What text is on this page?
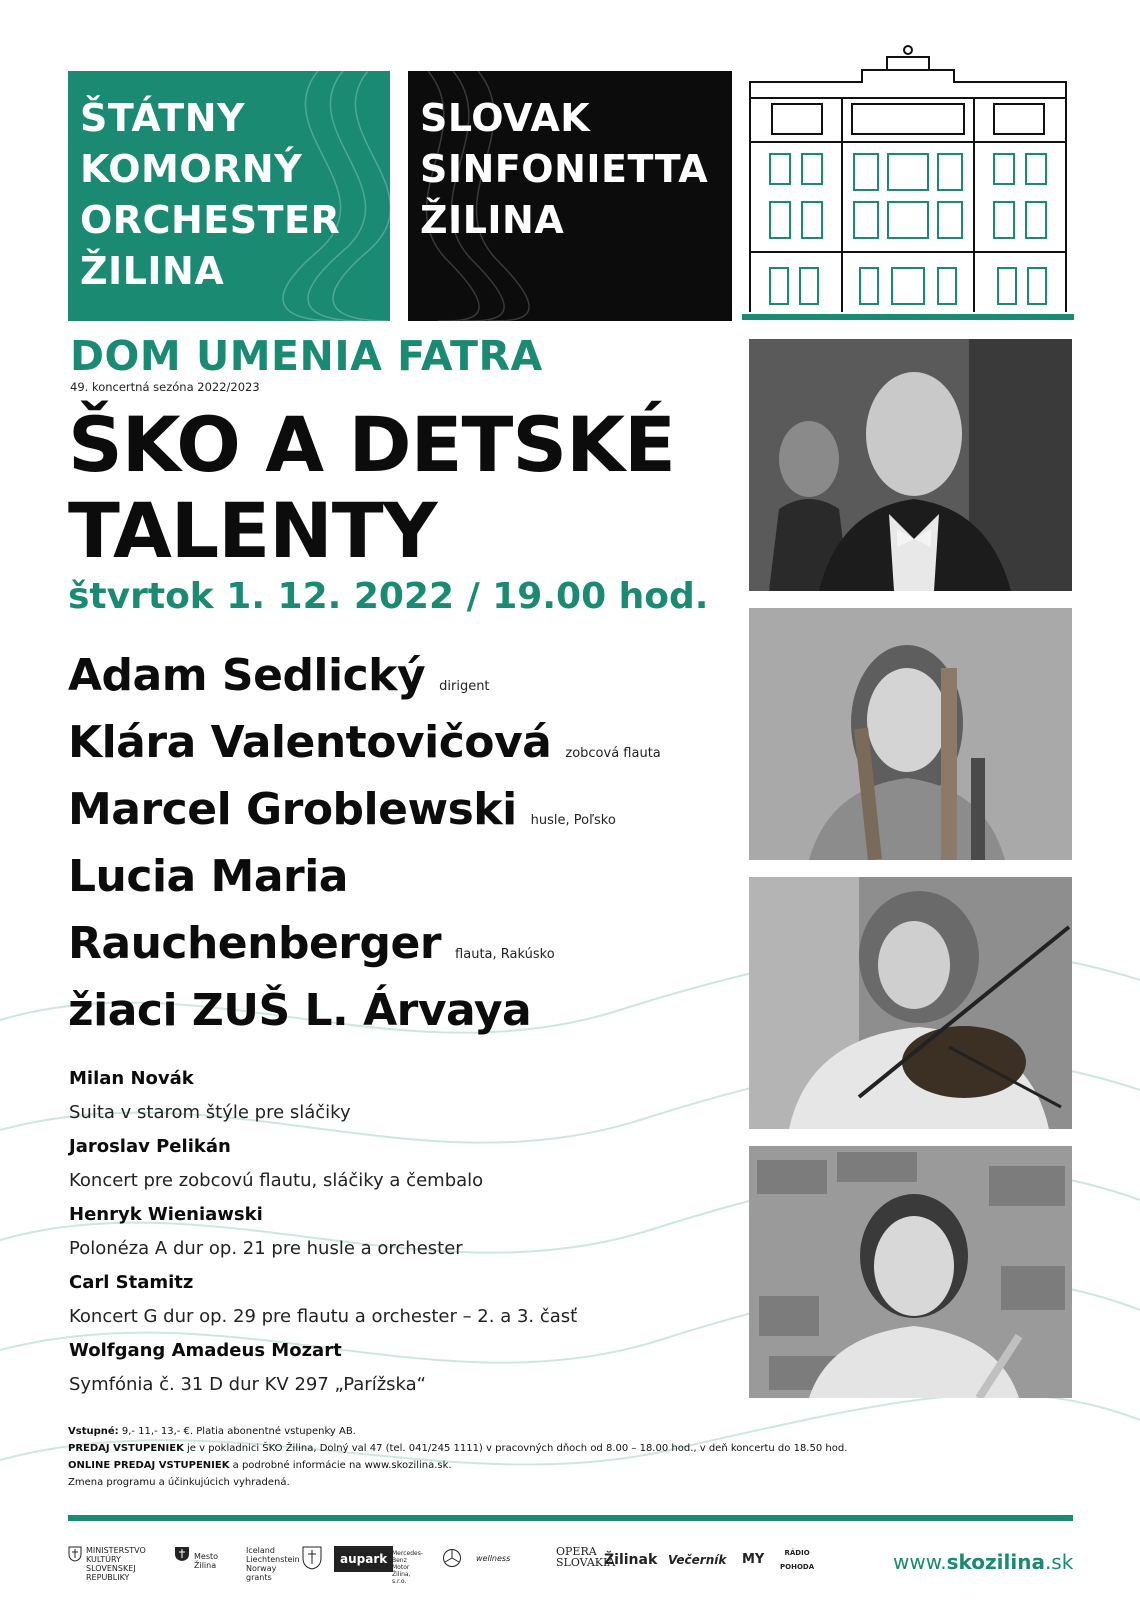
ŠTÁTNY
KOMORNÝ
ORCHESTER
ŽILINA
SLOVAK
SINFONIETTA
ŽILINA
DOM UMENIA FATRA
49. koncertná sezóna 2022/2023
ŠKO A DETSKÉ TALENTY
štvrtok 1. 12. 2022 / 19.00 hod.
Adam Sedlický dirigent
Klára Valentovičová zobcová flauta
Marcel Groblewski husle, Poľsko
Lucia Maria
Rauchenberger flauta, Rakúsko
žiaci ZUŠ L. Árvaya
Milan Novák
Suita v starom štýle pre sláčiky
Jaroslav Pelikán
Koncert pre zobcovú flautu, sláčiky a čembalo
Henryk Wieniawski
Polonéza A dur op. 21 pre husle a orchester
Carl Stamitz
Koncert G dur op. 29 pre flautu a orchester – 2. a 3. časť
Wolfgang Amadeus Mozart
Symfónia č. 31 D dur KV 297 „Parížska“
Vstupné: 9,- 11,- 13,- €. Platia abonentné vstupenky AB.
PREDAJ VSTUPENIEK je v pokladnici ŠKO Žilina, Dolný val 47 (tel. 041/245 1111) v pracovných dňoch od 8.00 – 18.00 hod., v deň koncertu do 18.50 hod.
ONLINE PREDAJ VSTUPENIEK a podrobné informácie na www.skozilina.sk.
Zmena programu a účinkujúcich vyhradená.
MINISTERSTVO
KULTÚRY
SLOVENSKEJ REPUBLIKY
Mesto Žilina
Iceland
Liechtenstein
Norway grants
aupark Mercedes-Benz
Motor Žilina, s.r.o.
wellness
OPERA
SLOVAKIA
Žilinak Večerník MY	RÁDIO
POHODA	www.skozilina.sk
